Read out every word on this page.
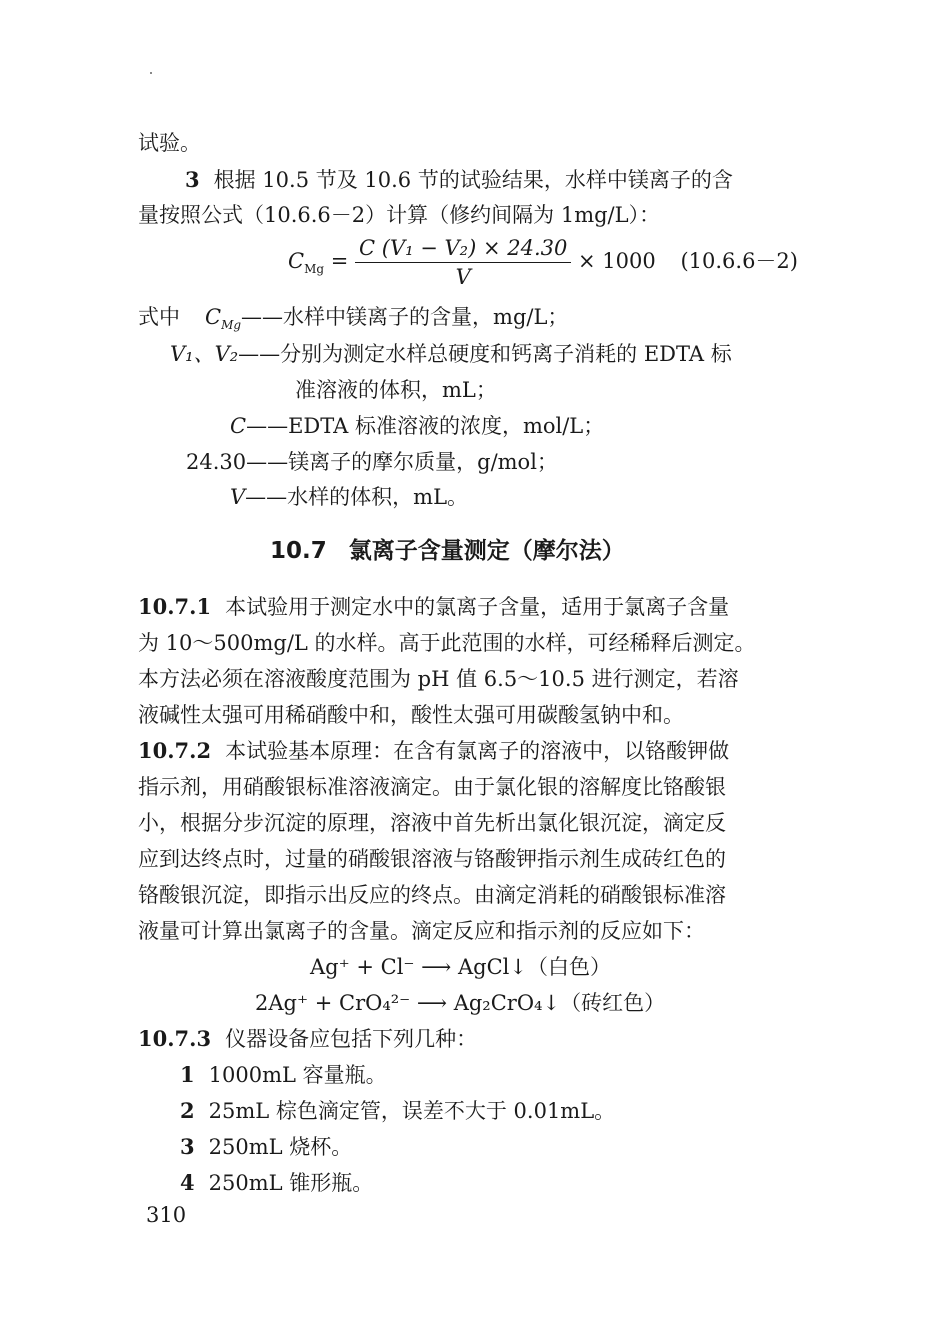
试验。
3 根据 10.5 节及 10.6 节的试验结果，水样中镁离子的含
量按照公式（10.6.6－2）计算（修约间隔为 1mg/L）：
$C_{Mg} = \frac{\text{C (V₁ − V₂) × 24.30}}{V} \times 1000$ (10.6.6－2)
式中 $C_{Mg}——$水样中镁离子的含量，mg/L；
V₁、V₂——分别为测定水样总硬度和钙离子消耗的 EDTA 标
准溶液的体积，mL；
C——EDTA 标准溶液的浓度，mol/L；
24.30——镁离子的摩尔质量，g/mol；
V——水样的体积，mL。
10.7 氯离子含量测定（摩尔法）
10.7.1 本试验用于测定水中的氯离子含量，适用于氯离子含量
为 10～500mg/L 的水样。高于此范围的水样，可经稀释后测定。
本方法必须在溶液酸度范围为 pH 值 6.5～10.5 进行测定，若溶
液碱性太强可用稀硝酸中和，酸性太强可用碳酸氢钠中和。
10.7.2 本试验基本原理：在含有氯离子的溶液中，以铬酸钾做
指示剂，用硝酸银标准溶液滴定。由于氯化银的溶解度比铬酸银
小，根据分步沉淀的原理，溶液中首先析出氯化银沉淀，滴定反
应到达终点时，过量的硝酸银溶液与铬酸钾指示剂生成砖红色的
铬酸银沉淀，即指示出反应的终点。由滴定消耗的硝酸银标准溶
液量可计算出氯离子的含量。滴定反应和指示剂的反应如下：
Ag⁺ + Cl⁻ ⟶ AgCl↓（白色）
2Ag⁺ + CrO₄²⁻ ⟶ Ag₂CrO₄↓（砖红色）
10.7.3 仪器设备应包括下列几种：
1 1000mL 容量瓶。
2 25mL 棕色滴定管，误差不大于 0.01mL。
3 250mL 烧杯。
4 250mL 锥形瓶。
310
